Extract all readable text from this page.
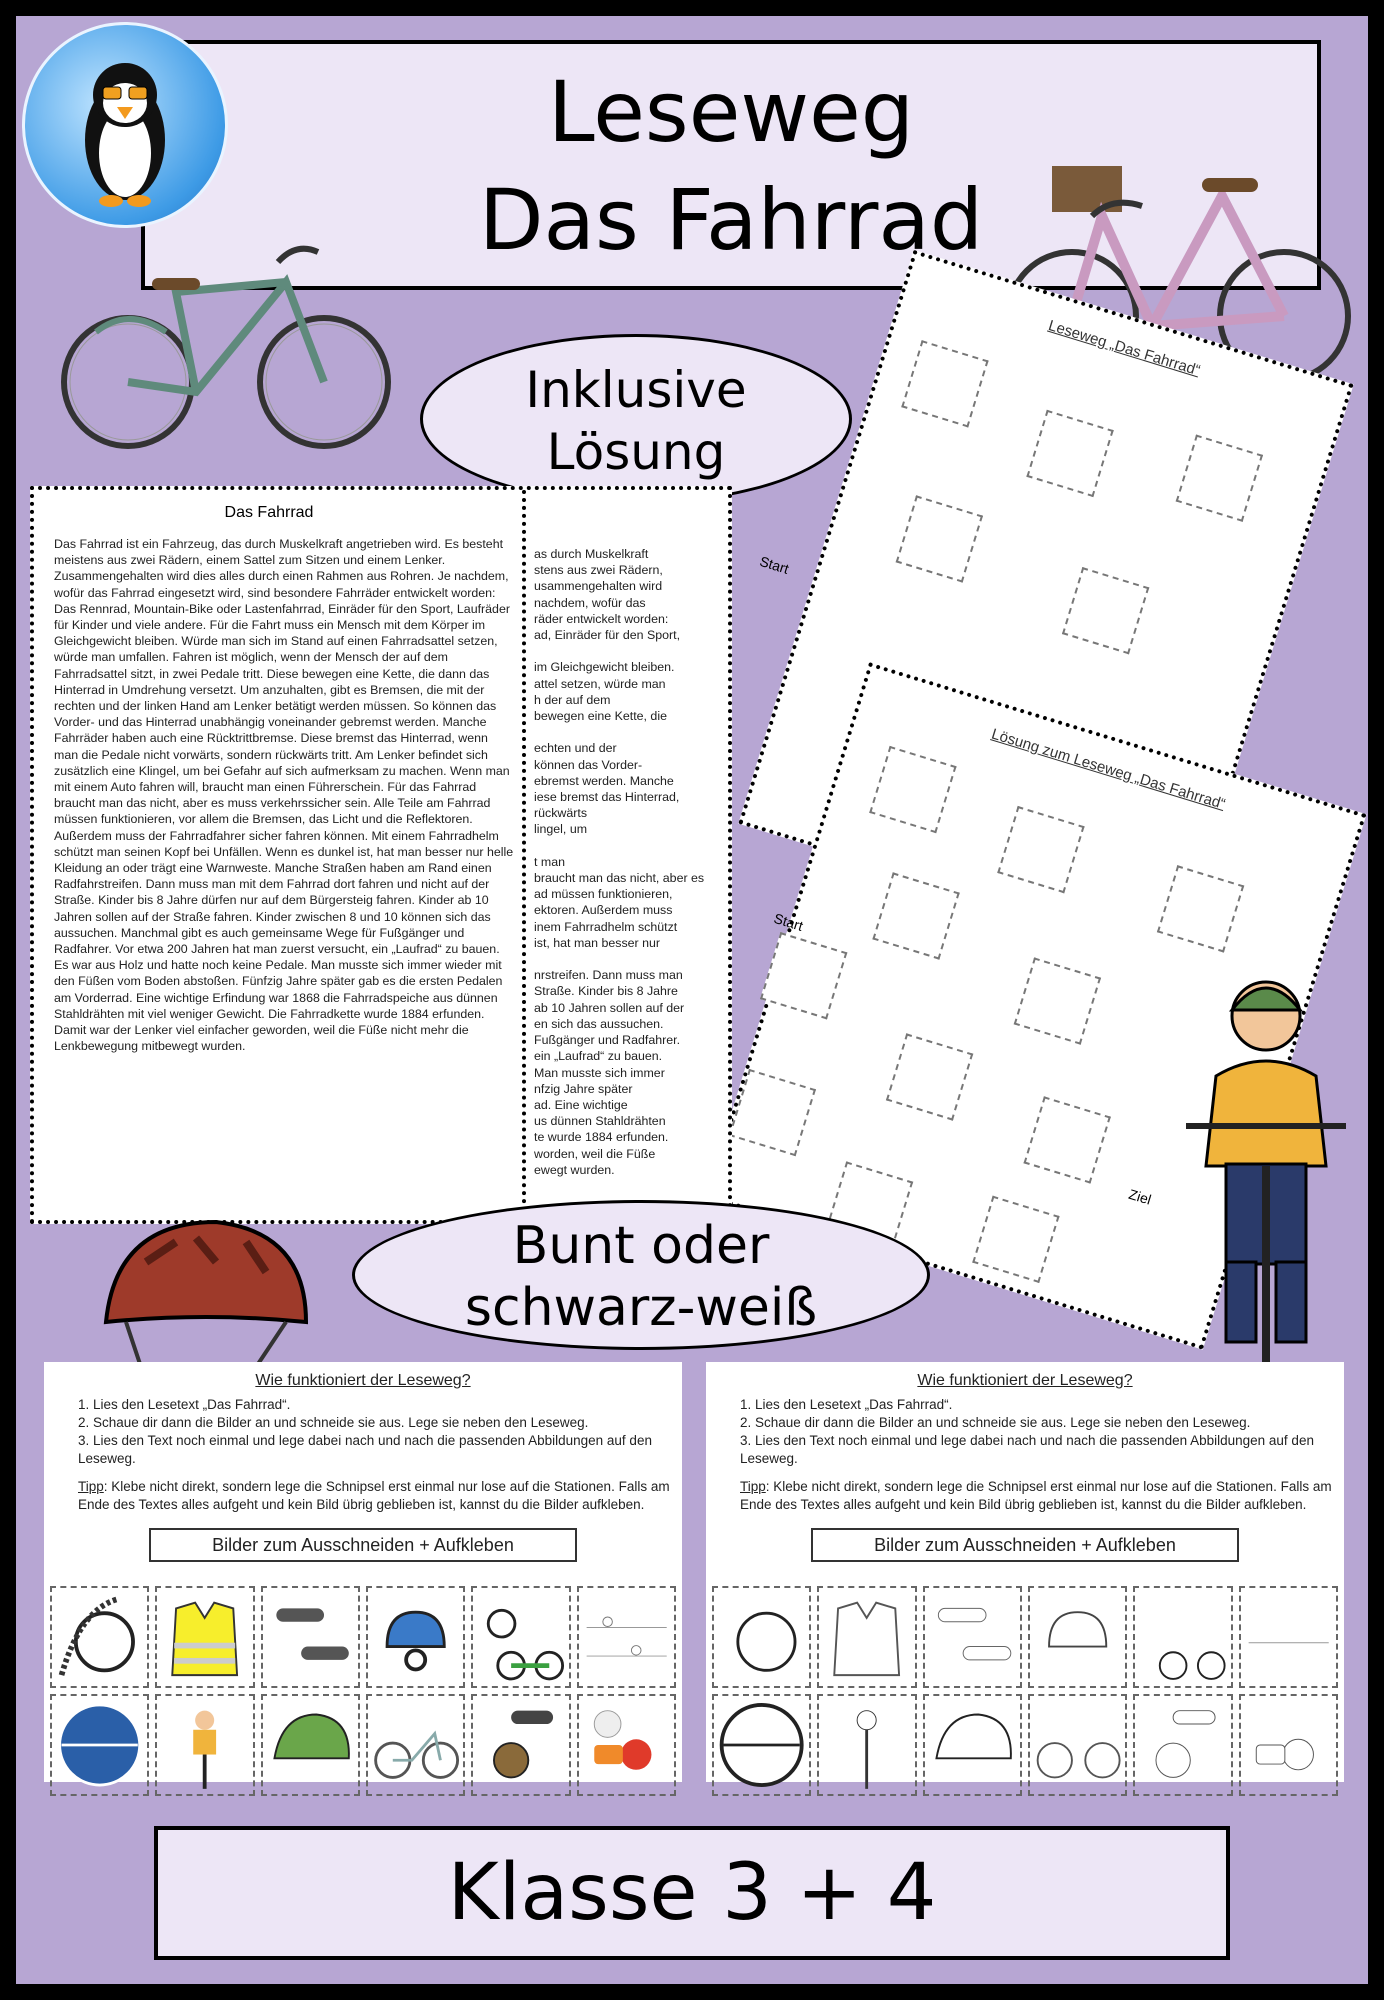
Leseweg
Das Fahrrad
Inklusive
Lösung
Leseweg „Das Fahrrad“
Start
Lösung zum Leseweg „Das Fahrrad“
Start
Ziel
Das Fahrrad
Das Fahrrad ist ein Fahrzeug, das durch Muskelkraft angetrieben wird. Es besteht meistens aus zwei Rädern, einem Sattel zum Sitzen und einem Lenker. Zusammengehalten wird dies alles durch einen Rahmen aus Rohren. Je nachdem, wofür das Fahrrad eingesetzt wird, sind besondere Fahrräder entwickelt worden: Das Rennrad, Mountain-Bike oder Lastenfahrrad, Einräder für den Sport, Laufräder für Kinder und viele andere. Für die Fahrt muss ein Mensch mit dem Körper im Gleichgewicht bleiben. Würde man sich im Stand auf einen Fahrradsattel setzen, würde man umfallen. Fahren ist möglich, wenn der Mensch der auf dem Fahrradsattel sitzt, in zwei Pedale tritt. Diese bewegen eine Kette, die dann das Hinterrad in Umdrehung versetzt. Um anzuhalten, gibt es Bremsen, die mit der rechten und der linken Hand am Lenker betätigt werden müssen. So können das Vorder- und das Hinterrad unabhängig voneinander gebremst werden. Manche Fahrräder haben auch eine Rücktrittbremse. Diese bremst das Hinterrad, wenn man die Pedale nicht vorwärts, sondern rückwärts tritt. Am Lenker befindet sich zusätzlich eine Klingel, um bei Gefahr auf sich aufmerksam zu machen. Wenn man mit einem Auto fahren will, braucht man einen Führerschein. Für das Fahrrad braucht man das nicht, aber es muss verkehrssicher sein. Alle Teile am Fahrrad müssen funktionieren, vor allem die Bremsen, das Licht und die Reflektoren. Außerdem muss der Fahrradfahrer sicher fahren können. Mit einem Fahrradhelm schützt man seinen Kopf bei Unfällen. Wenn es dunkel ist, hat man besser nur helle Kleidung an oder trägt eine Warnweste. Manche Straßen haben am Rand einen Radfahrstreifen. Dann muss man mit dem Fahrrad dort fahren und nicht auf der Straße. Kinder bis 8 Jahre dürfen nur auf dem Bürgersteig fahren. Kinder ab 10 Jahren sollen auf der Straße fahren. Kinder zwischen 8 und 10 können sich das aussuchen. Manchmal gibt es auch gemeinsame Wege für Fußgänger und Radfahrer. Vor etwa 200 Jahren hat man zuerst versucht, ein „Laufrad“ zu bauen. Es war aus Holz und hatte noch keine Pedale. Man musste sich immer wieder mit den Füßen vom Boden abstoßen. Fünfzig Jahre später gab es die ersten Pedalen am Vorderrad. Eine wichtige Erfindung war 1868 die Fahrradspeiche aus dünnen Stahldrähten mit viel weniger Gewicht. Die Fahrradkette wurde 1884 erfunden. Damit war der Lenker viel einfacher geworden, weil die Füße nicht mehr die Lenkbewegung mitbewegt wurden.
as durch Muskelkraft
stens aus zwei Rädern,
usammengehalten wird
nachdem, wofür das
räder entwickelt worden:
ad, Einräder für den Sport,

im Gleichgewicht bleiben.
attel setzen, würde man
h der auf dem
bewegen eine Kette, die

echten und der
können das Vorder-
ebremst werden. Manche
iese bremst das Hinterrad,
rückwärts
lingel, um

t man
braucht man das nicht, aber es
ad müssen funktionieren,
ektoren. Außerdem muss
inem Fahrradhelm schützt
ist, hat man besser nur

nrstreifen. Dann muss man
Straße. Kinder bis 8 Jahre
ab 10 Jahren sollen auf der
en sich das aussuchen.
Fußgänger und Radfahrer.
ein „Laufrad“ zu bauen.
Man musste sich immer
nfzig Jahre später
ad. Eine wichtige
us dünnen Stahldrähten
te wurde 1884 erfunden.
worden, weil die Füße
ewegt wurden.
Bunt oder
schwarz-weiß
Wie funktioniert der Leseweg?
1. Lies den Lesetext „Das Fahrrad“.
2. Schaue dir dann die Bilder an und schneide sie aus. Lege sie neben den Leseweg.
3. Lies den Text noch einmal und lege dabei nach und nach die passenden Abbildungen auf den Leseweg.
Tipp: Klebe nicht direkt, sondern lege die Schnipsel erst einmal nur lose auf die Stationen. Falls am Ende des Textes alles aufgeht und kein Bild übrig geblieben ist, kannst du die Bilder aufkleben.
Bilder zum Ausschneiden + Aufkleben
Wie funktioniert der Leseweg?
1. Lies den Lesetext „Das Fahrrad“.
2. Schaue dir dann die Bilder an und schneide sie aus. Lege sie neben den Leseweg.
3. Lies den Text noch einmal und lege dabei nach und nach die passenden Abbildungen auf den Leseweg.
Tipp: Klebe nicht direkt, sondern lege die Schnipsel erst einmal nur lose auf die Stationen. Falls am Ende des Textes alles aufgeht und kein Bild übrig geblieben ist, kannst du die Bilder aufkleben.
Bilder zum Ausschneiden + Aufkleben
Klasse 3 + 4
